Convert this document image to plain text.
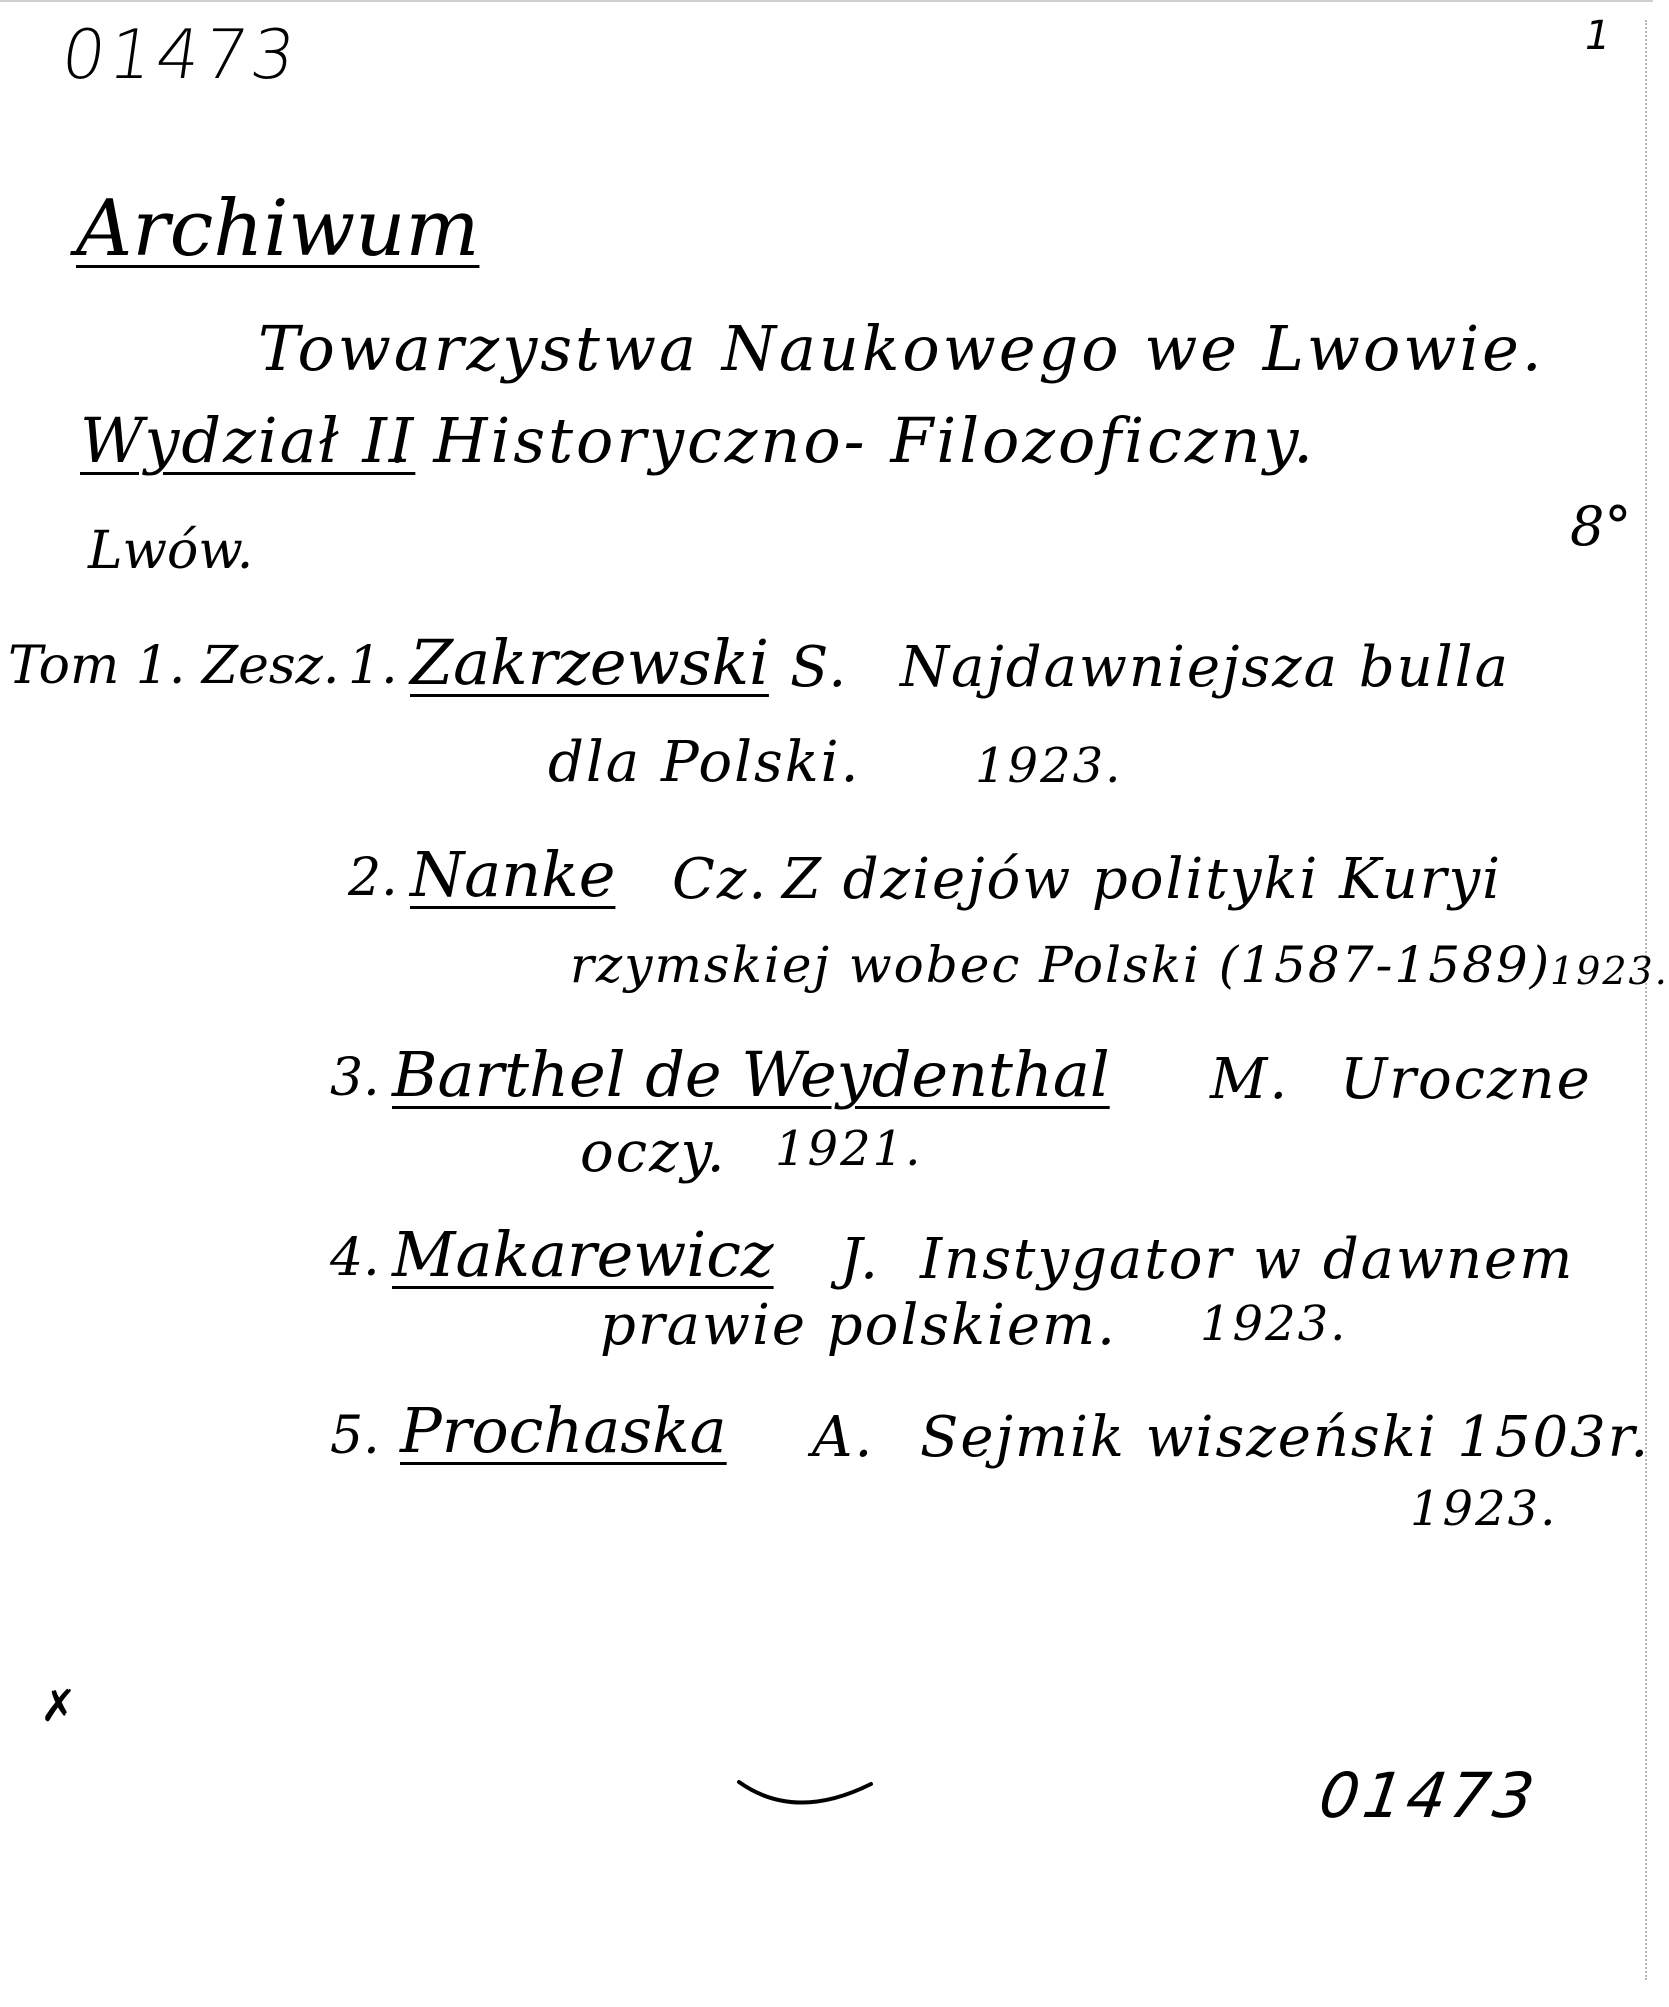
01473	1
Archiwum
Towarzystwa Naukowego we Lwowie.
Wydział II
. Historyczno- Filozoficzny.
Lwów.	8°
Tom 1. Zesz. 1. Zakrzewski S. Najdawniejsza bulla
dla Polski. 1923.
2. Nanke Cz. Z dziejów polityki Kuryi
rzymskiej wobec Polski (1587-1589)
1923.
3. Barthel de Weydenthal M. Uroczne
oczy. 1921.
4. Makarewicz J. Instygator w dawnem
prawie polskiem. 1923.
5. Prochaska A. Sejmik wiszeński 1503r.
1923.
✗
01473
